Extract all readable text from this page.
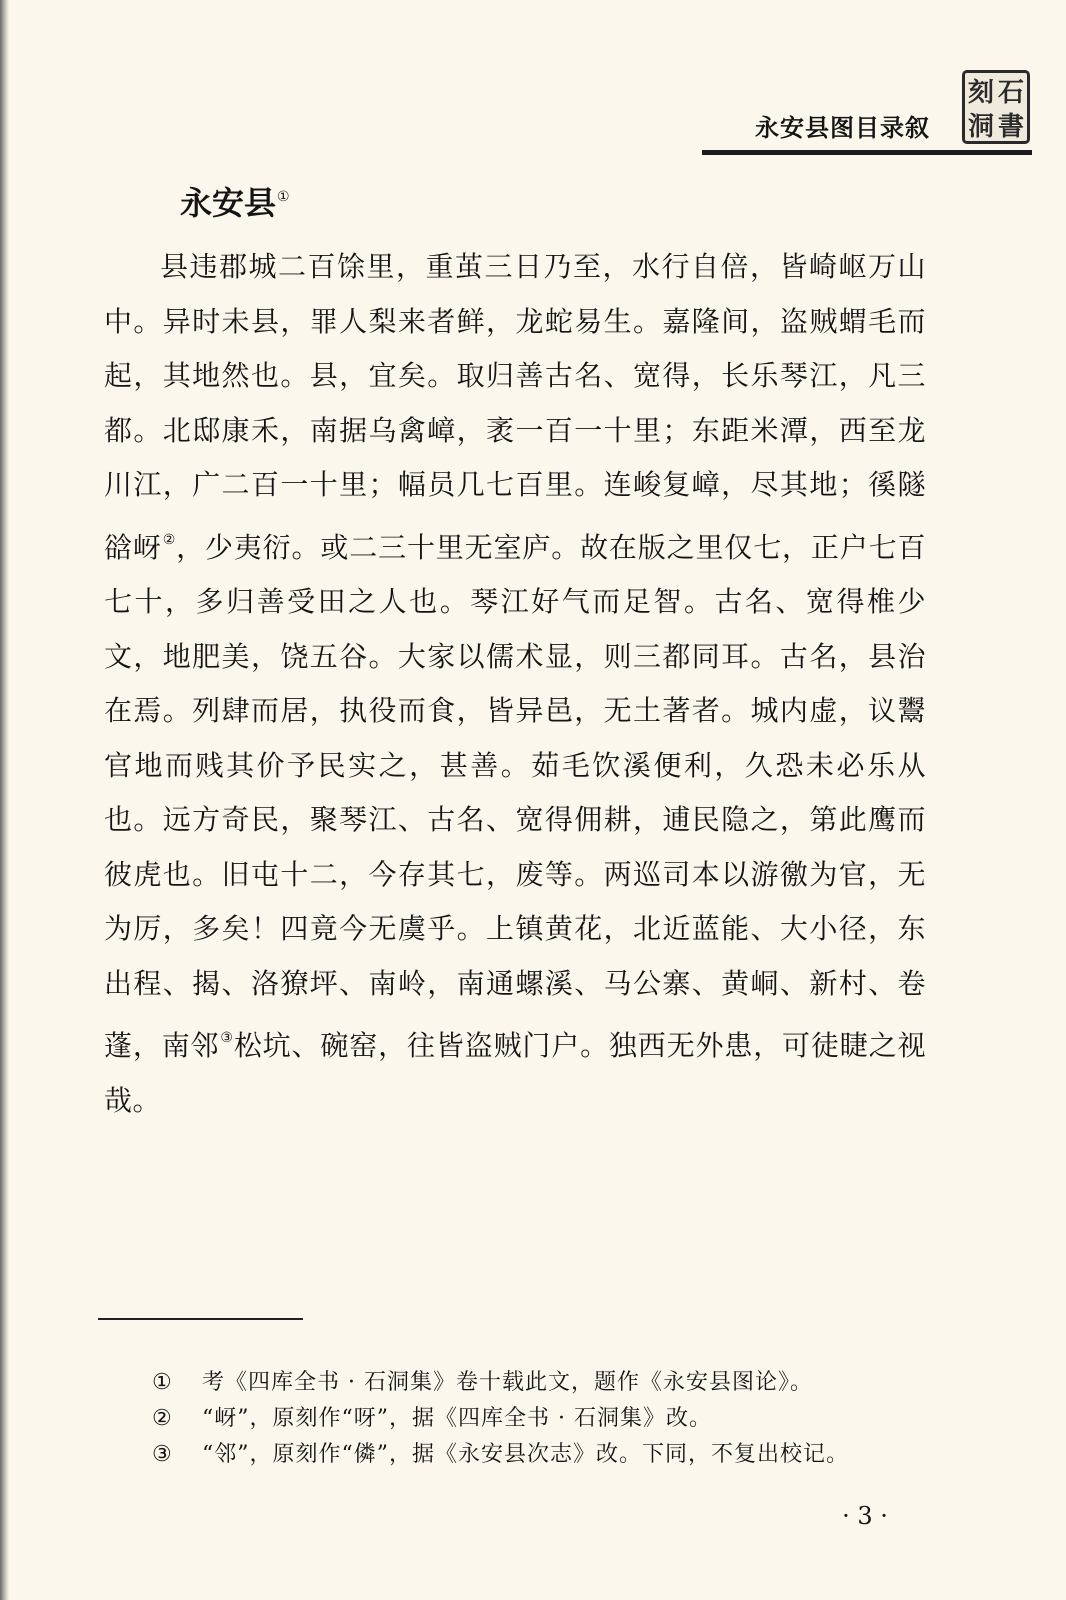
永安县图目录叙
刻 石
洞 書
永安县①
县违郡城二百馀里，重茧三日乃至，水行自倍，皆崎岖万山中。异时未县，罪人梨来者鲜，龙蛇易生。嘉隆间，盗贼蝟毛而起，其地然也。县，宜矣。取归善古名、宽得，长乐琴江，凡三都。北邸康禾，南据乌禽嶂，袤一百一十里；东距米潭，西至龙川江，广二百一十里；幅员几七百里。连峻复嶂，尽其地；徯隧谽岈②，少夷衍。或二三十里无室庐。故在版之里仅七，正户七百七十，多归善受田之人也。琴江好气而足智。古名、宽得椎少文，地肥美，饶五谷。大家以儒术显，则三都同耳。古名，县治在焉。列肆而居，执役而食，皆异邑，无土著者。城内虚，议鬻官地而贱其价予民实之，甚善。茹毛饮溪便利，久恐未必乐从也。远方奇民，聚琴江、古名、宽得佣耕，逋民隐之，第此鹰而彼虎也。旧屯十二，今存其七，废等。两巡司本以游徼为官，无为厉，多矣！四竟今无虞乎。上镇黄花，北近蓝能、大小径，东出程、揭、洛獠坪、南岭，南通螺溪、马公寨、黄峒、新村、卷蓬，南邻③松坑、碗窑，往皆盗贼门户。独西无外患，可徒睫之视哉。
①	考《四库全书 · 石洞集》卷十载此文，题作《永安县图论》。
②	“岈”，原刻作“呀”，据《四库全书 · 石洞集》改。
③	“邻”，原刻作“僯”，据《永安县次志》改。下同，不复出校记。
· 3 ·
